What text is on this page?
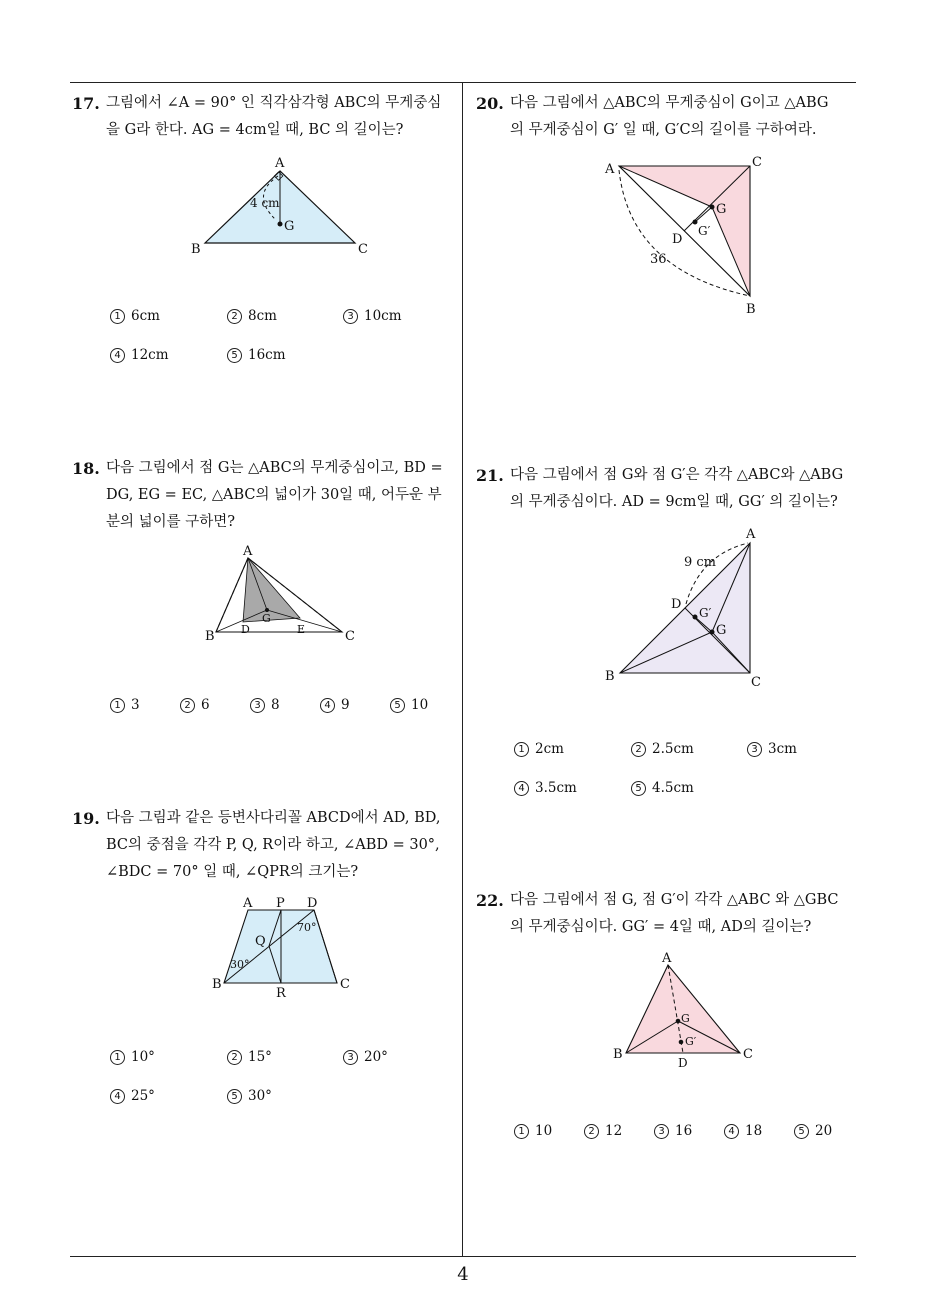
17. 그림에서 ∠A = 90° 인 직각삼각형 ABC의 무게중심
을 G라 한다. AG = 4cm일 때, BC 의 길이는?
A
B	C
G
4 cm
1 6cm	2 8cm	3 10cm
4 12cm	5 16cm
18. 다음 그림에서 점 G는 △ABC의 무게중심이고, BD =
DG, EG = EC, △ABC의 넓이가 30일 때, 어두운 부
분의 넓이를 구하면?
A
B	C
G
D	E
1 3	2 6	3 8	4 9	5 10
19. 다음 그림과 같은 등변사다리꼴 ABCD에서 AD, BD,
BC의 중점을 각각 P, Q, R이라 하고, ∠ABD = 30°,
∠BDC = 70° 일 때, ∠QPR의 크기는?
A P D
Q
B
R
C
30°
70°
1 10°	2 15°	3 20°
4 25°	5 30°
20. 다음 그림에서 △ABC의 무게중심이 G이고 △ABG
의 무게중심이 G′ 일 때, G′C의 길이를 구하여라.
A	C
B
G
G′
D
36
21. 다음 그림에서 점 G와 점 G′은 각각 △ABC와 △ABG
의 무게중심이다. AD = 9cm일 때, GG′ 의 길이는?
A
B	C
G
G′
D
9 cm
1 2cm	2 2.5cm	3 3cm
4 3.5cm	5 4.5cm
22. 다음 그림에서 점 G, 점 G′이 각각 △ABC 와 △GBC
의 무게중심이다. GG′ = 4일 때, AD의 길이는?
A
B	C
G
G′
D
1 10	2 12	3 16	4 18	5 20
4
